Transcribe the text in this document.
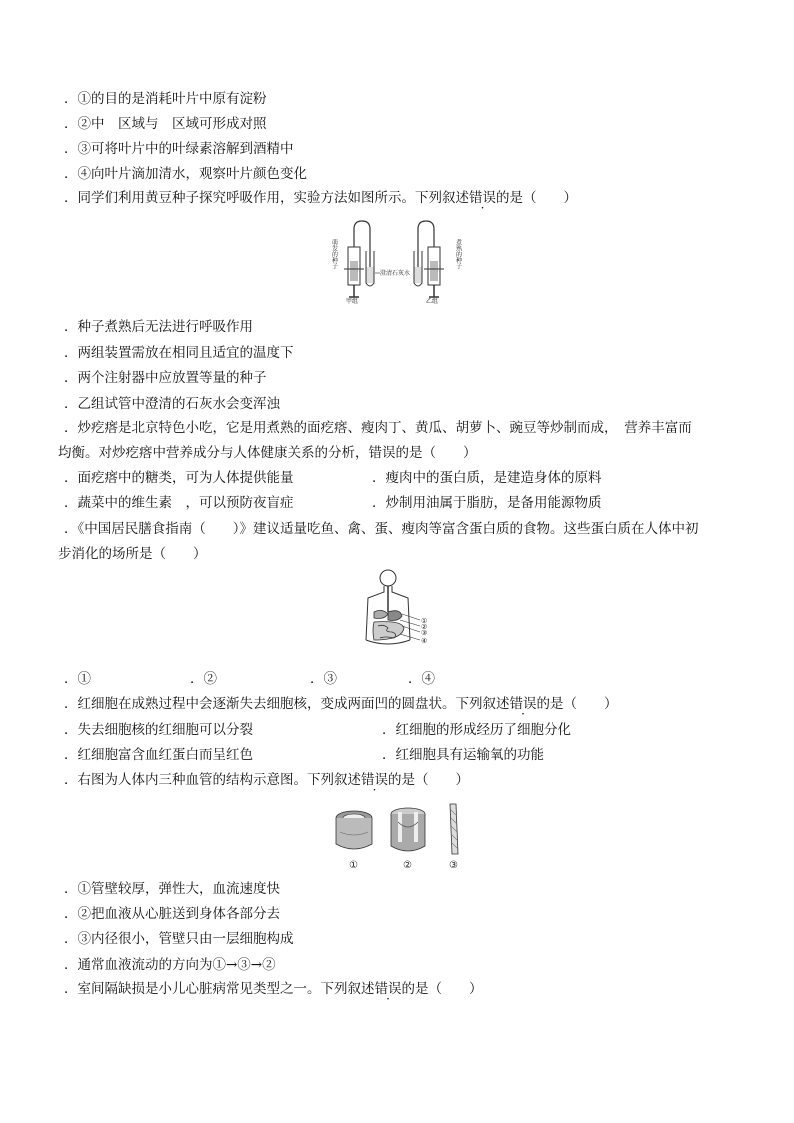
．①的目的是消耗叶片中原有淀粉
．②中　区域与　区域可形成对照
．③可将叶片中的叶绿素溶解到酒精中
．④向叶片滴加清水，观察叶片颜色变化
．同学们利用黄豆种子探究呼吸作用，实验方法如图所示。下列叙述错误的是（　　）
萌发的种子	煮熟的种子
澄清石灰水
甲组	乙组
．种子煮熟后无法进行呼吸作用
．两组装置需放在相同且适宜的温度下
．两个注射器中应放置等量的种子
．乙组试管中澄清的石灰水会变浑浊
．炒疙瘩是北京特色小吃，它是用煮熟的面疙瘩、瘦肉丁、黄瓜、胡萝卜、豌豆等炒制而成，　营养丰富而
均衡。对炒疙瘩中营养成分与人体健康关系的分析，错误的是（　　）
．面疙瘩中的糖类，可为人体提供能量	．瘦肉中的蛋白质，是建造身体的原料
．蔬菜中的维生素　，可以预防夜盲症	．炒制用油属于脂肪，是备用能源物质
．《中国居民膳食指南（　　）》建议适量吃鱼、禽、蛋、瘦肉等富含蛋白质的食物。这些蛋白质在人体中初
步消化的场所是（　　）
①
②
③
④
．①	．②	．③	．④
．红细胞在成熟过程中会逐渐失去细胞核，变成两面凹的圆盘状。下列叙述错误的是（　　）
．失去细胞核的红细胞可以分裂	．红细胞的形成经历了细胞分化
．红细胞富含血红蛋白而呈红色	．红细胞具有运输氧的功能
．右图为人体内三种血管的结构示意图。下列叙述错误的是（　　）
①	②	③
．①管壁较厚，弹性大，血流速度快
．②把血液从心脏送到身体各部分去
．③内径很小，管壁只由一层细胞构成
．通常血液流动的方向为①→③→②
．室间隔缺损是小儿心脏病常见类型之一。下列叙述错误的是（　　）
